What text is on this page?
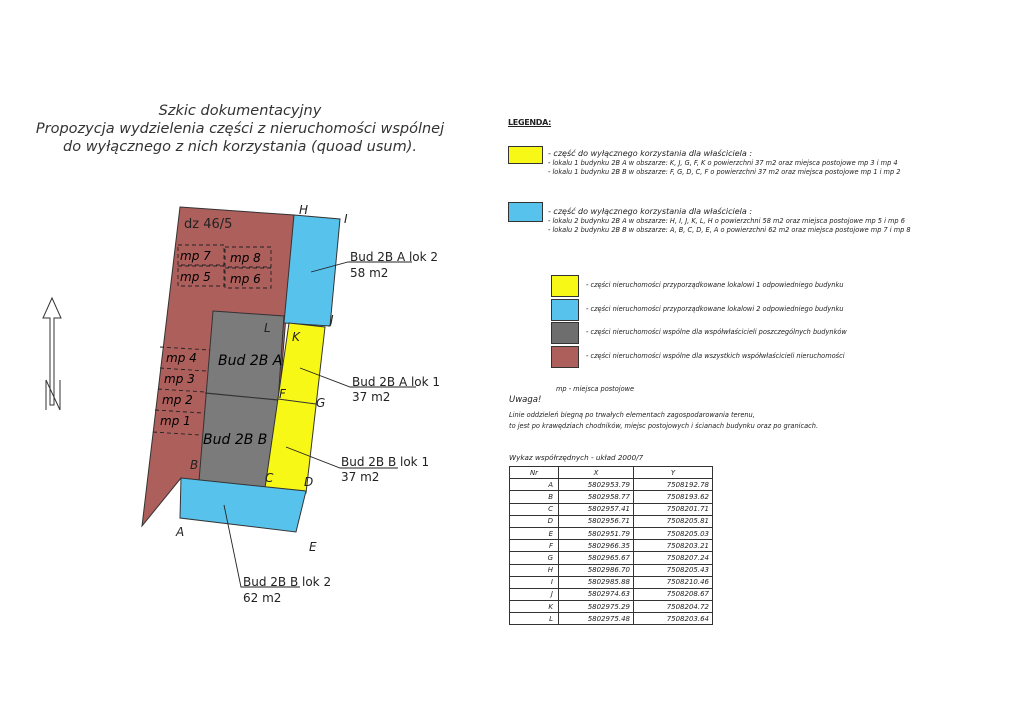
Szkic dokumentacyjny
Propozycja wydzielenia części z nieruchomości wspólnej
do wyłącznego z nich korzystania (quoad usum).
dz 46/5
mp 7 mp 8
mp 5 mp 6
mp 4
mp 3
mp 2
mp 1
Bud 2B A
Bud 2B B
H
I
J
K
L
F
G
C	D
B
A
E
Bud 2B A lok 2
58 m2
Bud 2B A lok 1
37 m2
Bud 2B B lok 1
37 m2
Bud 2B B lok 2
62 m2
LEGENDA:
- część do wyłącznego korzystania dla właściciela :
- lokalu 1 budynku 2B A w obszarze: K, J, G, F, K o powierzchni 37 m2 oraz miejsca postojowe mp 3 i mp 4
- lokalu 1 budynku 2B B w obszarze: F, G, D, C, F o powierzchni 37 m2 oraz miejsca postojowe mp 1 i mp 2
- część do wyłącznego korzystania dla właściciela :
- lokalu 2 budynku 2B A w obszarze: H, I, J, K, L, H o powierzchni 58 m2 oraz miejsca postojowe mp 5 i mp 6
- lokalu 2 budynku 2B B w obszarze: A, B, C, D, E, A o powierzchni 62 m2 oraz miejsca postojowe mp 7 i mp 8
- części nieruchomości przyporządkowane lokalowi 1 odpowiedniego budynku
- części nieruchomości przyporządkowane lokalowi 2 odpowiedniego budynku
- części nieruchomości wspólne dla współwłaścicieli poszczególnych budynków
- części nieruchomości wspólne dla wszystkich współwłaścicieli nieruchomości
mp - miejsca postojowe
Uwaga!
Linie oddzieleń biegną po trwałych elementach zagospodarowania terenu,
to jest po krawędziach chodników, miejsc postojowych i ścianach budynku oraz po granicach.
Wykaz współrzędnych - układ 2000/7
Nr	X	Y
A	5802953.79	7508192.78
B	5802958.77	7508193.62
C	5802957.41	7508201.71
D	5802956.71	7508205.81
E	5802951.79	7508205.03
F	5802966.35	7508203.21
G	5802965.67	7508207.24
H	5802986.70	7508205.43
I	5802985.88	7508210.46
J	5802974.63	7508208.67
K	5802975.29	7508204.72
L	5802975.48	7508203.64
